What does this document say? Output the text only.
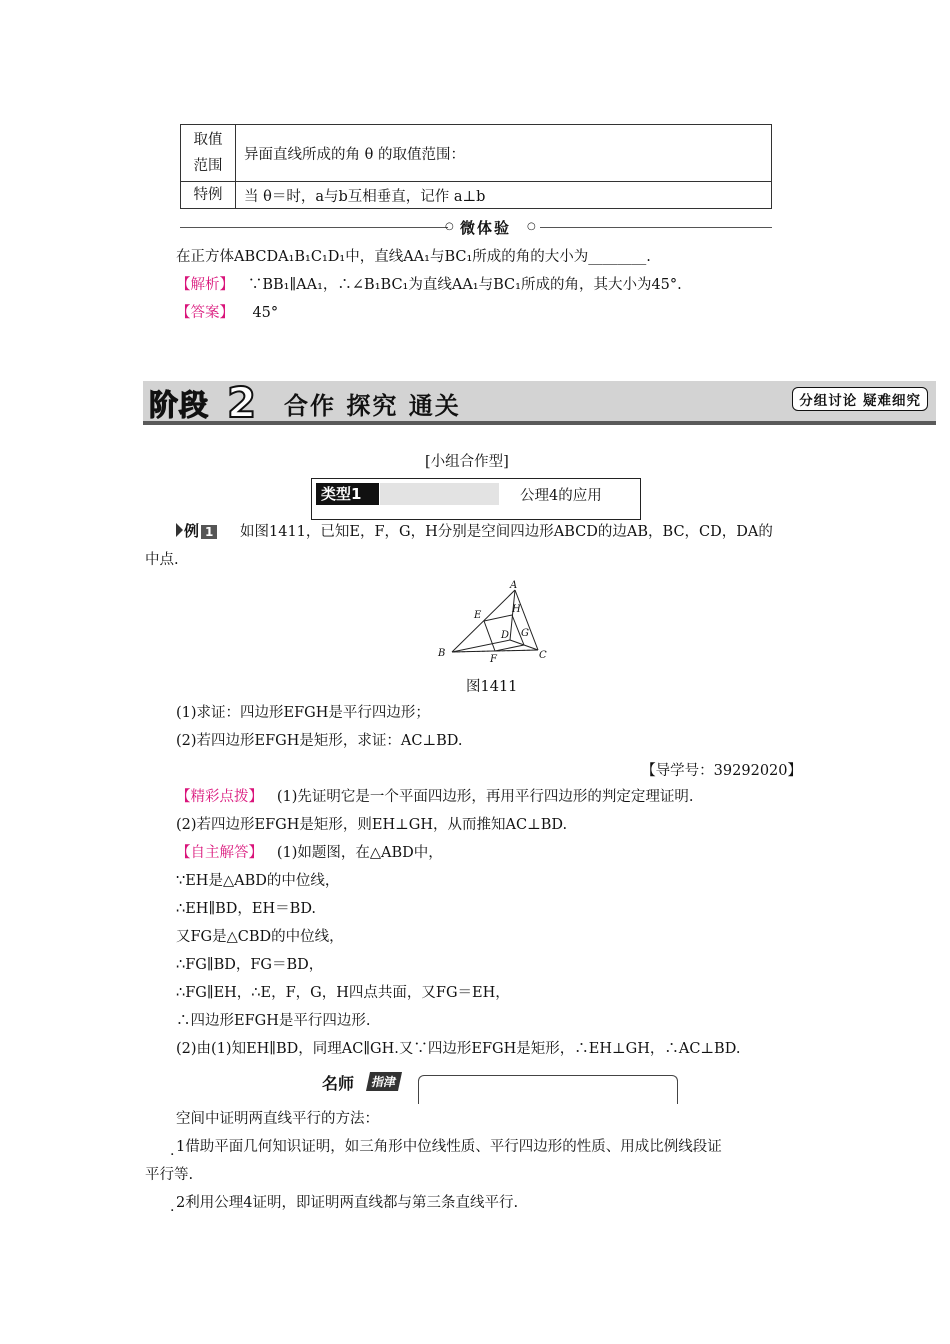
取值
范围	异面直线所成的角 θ 的取值范围：
特例	当 θ＝时，a与b互相垂直，记作 a⊥b
○ 微体验 ○
在正方体ABCDA₁B₁C₁D₁中，直线AA₁与BC₁所成的角的大小为________.
【解析】 ∵BB₁∥AA₁，∴∠B₁BC₁为直线AA₁与BC₁所成的角，其大小为45°.
【答案】 45°
阶段 2 合作 探究 通关	分组讨论 疑难细究
[小组合作型]
类型1	公理4的应用
例 1 如图1411，已知E，F，G，H分别是空间四边形ABCD的边AB，BC，CD，DA的
中点.
A
B	C
D
E
F
G
H
图1411
(1)求证：四边形EFGH是平行四边形；
(2)若四边形EFGH是矩形，求证：AC⊥BD.
【导学号：39292020】
【精彩点拨】 (1)先证明它是一个平面四边形，再用平行四边形的判定定理证明.
(2)若四边形EFGH是矩形，则EH⊥GH，从而推知AC⊥BD.
【自主解答】 (1)如题图，在△ABD中，
∵EH是△ABD的中位线，
∴EH∥BD，EH＝BD.
又FG是△CBD的中位线，
∴FG∥BD，FG＝BD，
∴FG∥EH，∴E，F，G，H四点共面，又FG＝EH，
∴四边形EFGH是平行四边形.
(2)由(1)知EH∥BD，同理AC∥GH.又∵四边形EFGH是矩形，∴EH⊥GH，∴AC⊥BD.
名师	指津
空间中证明两直线平行的方法：
. 1借助平面几何知识证明，如三角形中位线性质、平行四边形的性质、用成比例线段证
平行等.
. 2利用公理4证明，即证明两直线都与第三条直线平行.
